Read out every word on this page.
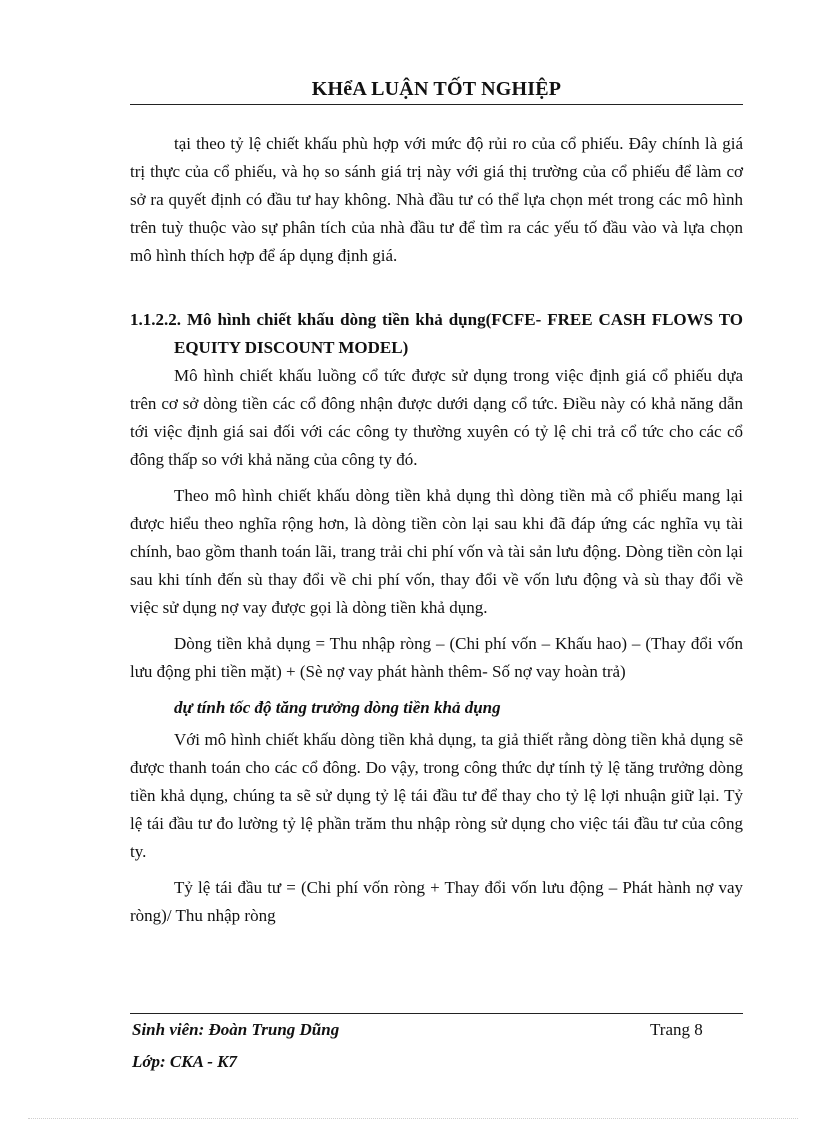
KHểA LUẬN TỐT NGHIỆP

tại theo tỷ lệ chiết khấu phù hợp với mức độ rủi ro của cổ phiếu. Đây chính là giá trị thực của cổ phiếu, và họ so sánh giá trị này với giá thị trường của cổ phiếu để làm cơ sở ra quyết định có đầu tư hay không. Nhà đầu tư có thể lựa chọn mét trong các mô hình trên tuỳ thuộc vào sự phân tích của nhà đầu tư để tìm ra các yếu tố đầu vào và lựa chọn mô hình thích hợp để áp dụng định giá.

1.1.2.2. Mô hình chiết khấu dòng tiền khả dụng(FCFE- FREE CASH FLOWS TO EQUITY DISCOUNT MODEL)

Mô hình chiết khấu luồng cổ tức được sử dụng trong việc định giá cổ phiếu dựa trên cơ sở dòng tiền các cổ đông nhận được dưới dạng cổ tức. Điều này có khả năng dẫn tới việc định giá sai đối với các công ty thường xuyên có tỷ lệ chi trả cổ tức cho các cổ đông thấp so với khả năng của công ty đó.

Theo mô hình chiết khấu dòng tiền khả dụng thì dòng tiền mà cổ phiếu mang lại được hiểu theo nghĩa rộng hơn, là dòng tiền còn lại sau khi đã đáp ứng các nghĩa vụ tài chính, bao gồm thanh toán lãi, trang trải chi phí vốn và tài sản lưu động. Dòng tiền còn lại sau khi tính đến sù thay đổi về chi phí vốn, thay đổi về vốn lưu động và sù thay đổi về việc sử dụng nợ vay được gọi là dòng tiền khả dụng.

Dòng tiền khả dụng = Thu nhập ròng – (Chi phí vốn – Khấu hao) – (Thay đổi vốn lưu động phi tiền mặt) + (Sè nợ vay phát hành thêm- Số nợ vay hoàn trả)

dự tính tốc độ tăng trưởng dòng tiền khả dụng

Với mô hình chiết khấu dòng tiền khả dụng, ta giả thiết rằng dòng tiền khả dụng sẽ được thanh toán cho các cổ đông. Do vậy, trong công thức dự tính tỷ lệ tăng trưởng dòng tiền khả dụng, chúng ta sẽ sử dụng tỷ lệ tái đầu tư để thay cho tỷ lệ lợi nhuận giữ lại. Tỷ lệ tái đầu tư đo lường tỷ lệ phần trăm thu nhập ròng sử dụng cho việc tái đầu tư của công ty.

Tỷ lệ tái đầu tư = (Chi phí vốn ròng + Thay đổi vốn lưu động – Phát hành nợ vay ròng)/ Thu nhập ròng

Sinh viên: Đoàn Trung Dũng	Trang 8
Lớp: CKA - K7
